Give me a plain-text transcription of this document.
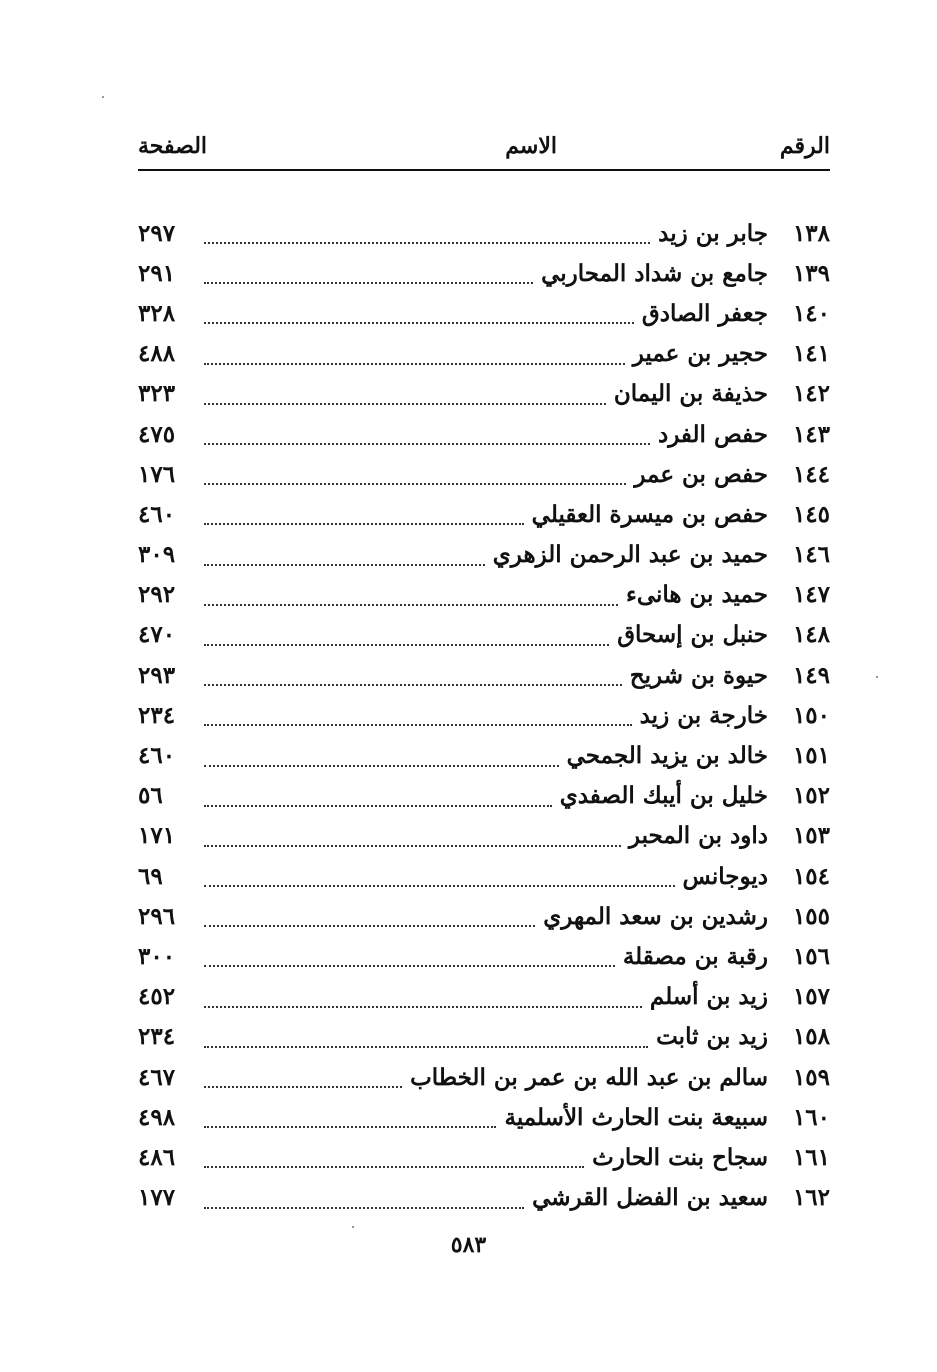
الرقم
الاسم
الصفحة
١٣٨
جابر بن زيد
٢٩٧
١٣٩
جامع بن شداد المحاربي
٢٩١
١٤٠
جعفر الصادق
٣٢٨
١٤١
حجير بن عمير
٤٨٨
١٤٢
حذيفة بن اليمان
٣٢٣
١٤٣
حفص الفرد
٤٧٥
١٤٤
حفص بن عمر
١٧٦
١٤٥
حفص بن ميسرة العقيلي
٤٦٠
١٤٦
حميد بن عبد الرحمن الزهري
٣٠٩
١٤٧
حميد بن هانىء
٢٩٢
١٤٨
حنبل بن إسحاق
٤٧٠
١٤٩
حيوة بن شريح
٢٩٣
١٥٠
خارجة بن زيد
٢٣٤
١٥١
خالد بن يزيد الجمحي
٤٦٠
١٥٢
خليل بن أيبك الصفدي
٥٦
١٥٣
داود بن المحبر
١٧١
١٥٤
ديوجانس
٦٩
١٥٥
رشدين بن سعد المهري
٢٩٦
١٥٦
رقبة بن مصقلة
٣٠٠
١٥٧
زيد بن أسلم
٤٥٢
١٥٨
زيد بن ثابت
٢٣٤
١٥٩
سالم بن عبد الله بن عمر بن الخطاب
٤٦٧
١٦٠
سبيعة بنت الحارث الأسلمية
٤٩٨
١٦١
سجاح بنت الحارث
٤٨٦
١٦٢
سعيد بن الفضل القرشي
١٧٧
٥٨٣
